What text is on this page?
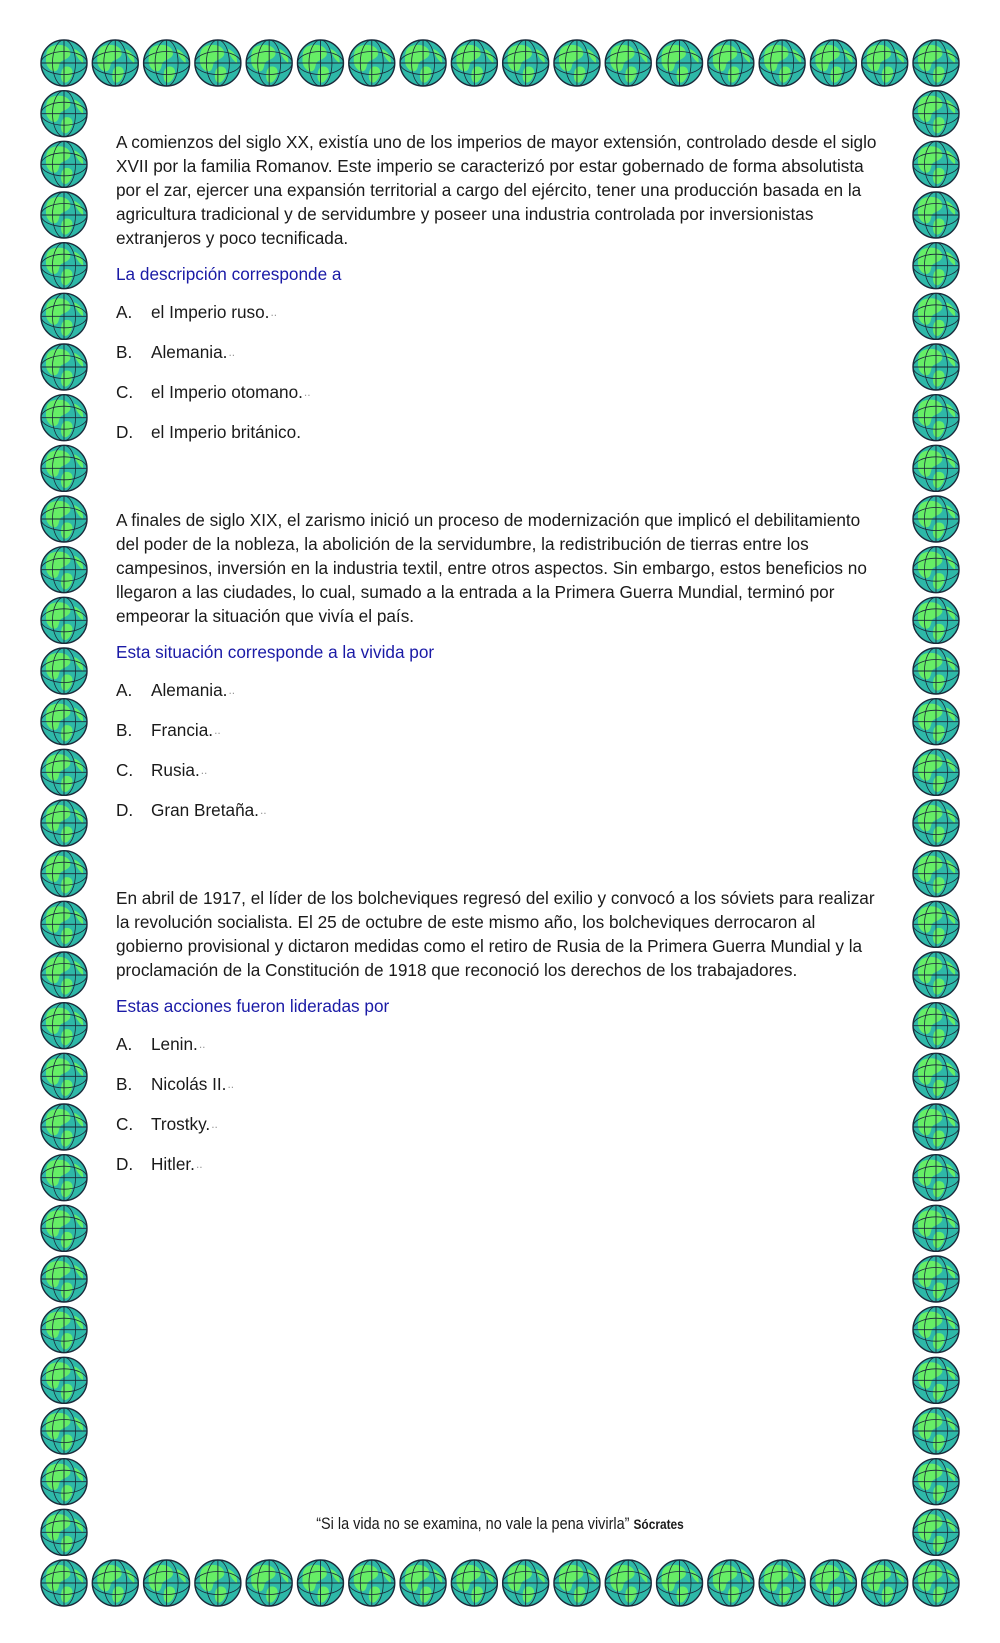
A comienzos del siglo XX, existía uno de los imperios de mayor extensión, controlado desde el siglo XVII por la familia Romanov. Este imperio se caracterizó por estar gobernado de forma absolutista por el zar, ejercer una expansión territorial a cargo del ejército, tener una producción basada en la agricultura tradicional y de servidumbre y poseer una industria controlada por inversionistas extranjeros y poco tecnificada.

La descripción corresponde a

A.	el Imperio ruso. ..
B.	Alemania. ..
C.	el Imperio otomano. ..
D.	el Imperio británico.

A finales de siglo XIX, el zarismo inició un proceso de modernización que implicó el debilitamiento del poder de la nobleza, la abolición de la servidumbre, la redistribución de tierras entre los campesinos, inversión en la industria textil, entre otros aspectos. Sin embargo, estos beneficios no llegaron a las ciudades, lo cual, sumado a la entrada a la Primera Guerra Mundial, terminó por empeorar la situación que vivía el país.

Esta situación corresponde a la vivida por

A.	Alemania. ..
B.	Francia. ..
C.	Rusia. ..
D.	Gran Bretaña. ..

En abril de 1917, el líder de los bolcheviques regresó del exilio y convocó a los sóviets para realizar la revolución socialista. El 25 de octubre de este mismo año, los bolcheviques derrocaron al gobierno provisional y dictaron medidas como el retiro de Rusia de la Primera Guerra Mundial y la proclamación de la Constitución de 1918 que reconoció los derechos de los trabajadores.

Estas acciones fueron lideradas por

A.	Lenin. ..
B.	Nicolás II. ..
C.	Trostky. ..
D.	Hitler. ..
“Si la vida no se examina, no vale la pena vivirla” Sócrates
